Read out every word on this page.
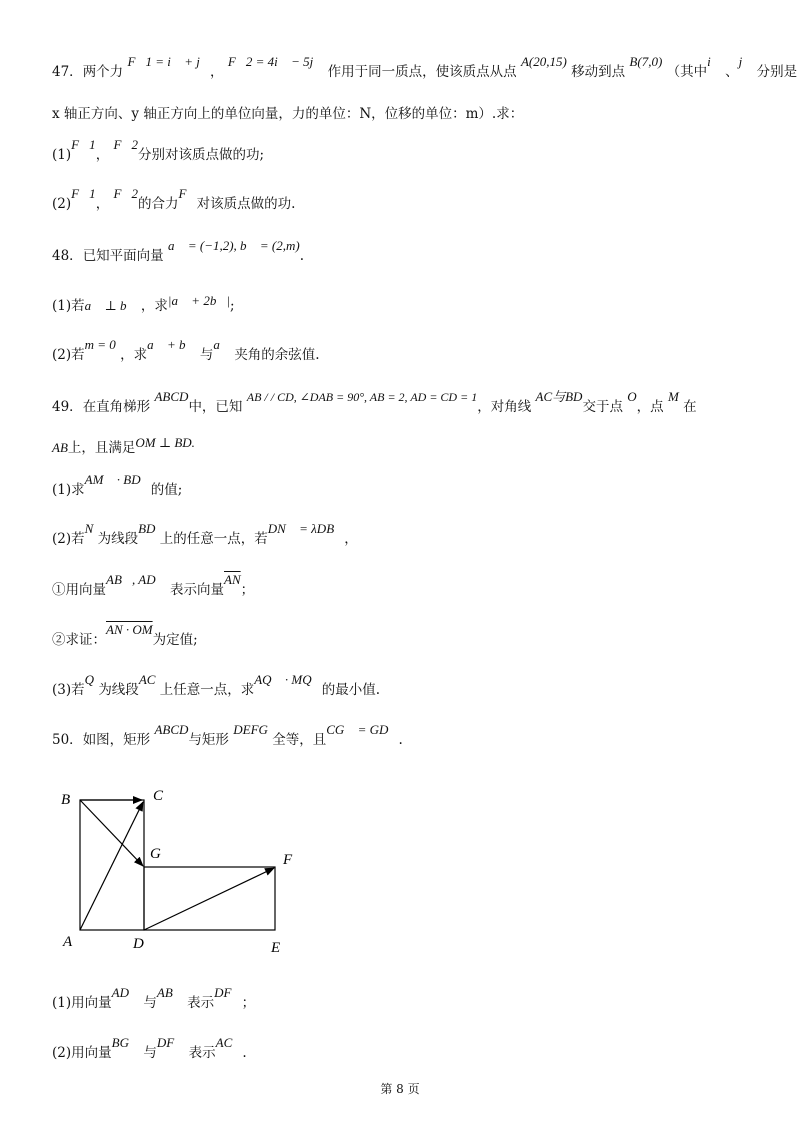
47．两个力 F⃗1 = i⃗ + j⃗， F⃗2 = 4i⃗ − 5j⃗ 作用于同一质点，使该质点从点 A(20,15) 移动到点 B(7,0) （其中i⃗ 、j⃗ 分别是
x 轴正方向、y 轴正方向上的单位向量，力的单位：N，位移的单位：m）.求：
(1)F⃗1， F⃗2分别对该质点做的功;
(2)F⃗1， F⃗2的合力F⃗对该质点做的功.
48．已知平面向量 a⃗ = (−1,2), b⃗ = (2,m).
(1)若a⃗ ⊥ b⃗ ，求|a⃗ + 2b⃗|;
(2)若m = 0 ，求a⃗ + b⃗ 与a⃗ 夹角的余弦值.
49．在直角梯形 ABCD中，已知 AB / / CD, ∠DAB = 90°, AB = 2, AD = CD = 1，对角线 AC与BD交于点 O，点 M 在
AB上，且满足OM ⊥ BD.
(1)求AM⃗ · BD⃗的值;
(2)若N 为线段BD 上的任意一点，若DN⃗ = λDB⃗，
①用向量AB⃗, AD⃗ 表示向量$\overline{AN}$；
②求证：AN · OM为定值;
(3)若Q 为线段AC 上任意一点，求AQ⃗ · MQ⃗的最小值.
50．如图，矩形 ABCD与矩形 DEFG 全等，且CG⃗ = GD⃗.
B	C
G	F
A	D	E
(1)用向量AD⃗ 与AB⃗ 表示DF⃗；
(2)用向量BG⃗ 与DF⃗ 表示AC⃗.
第 8 页
